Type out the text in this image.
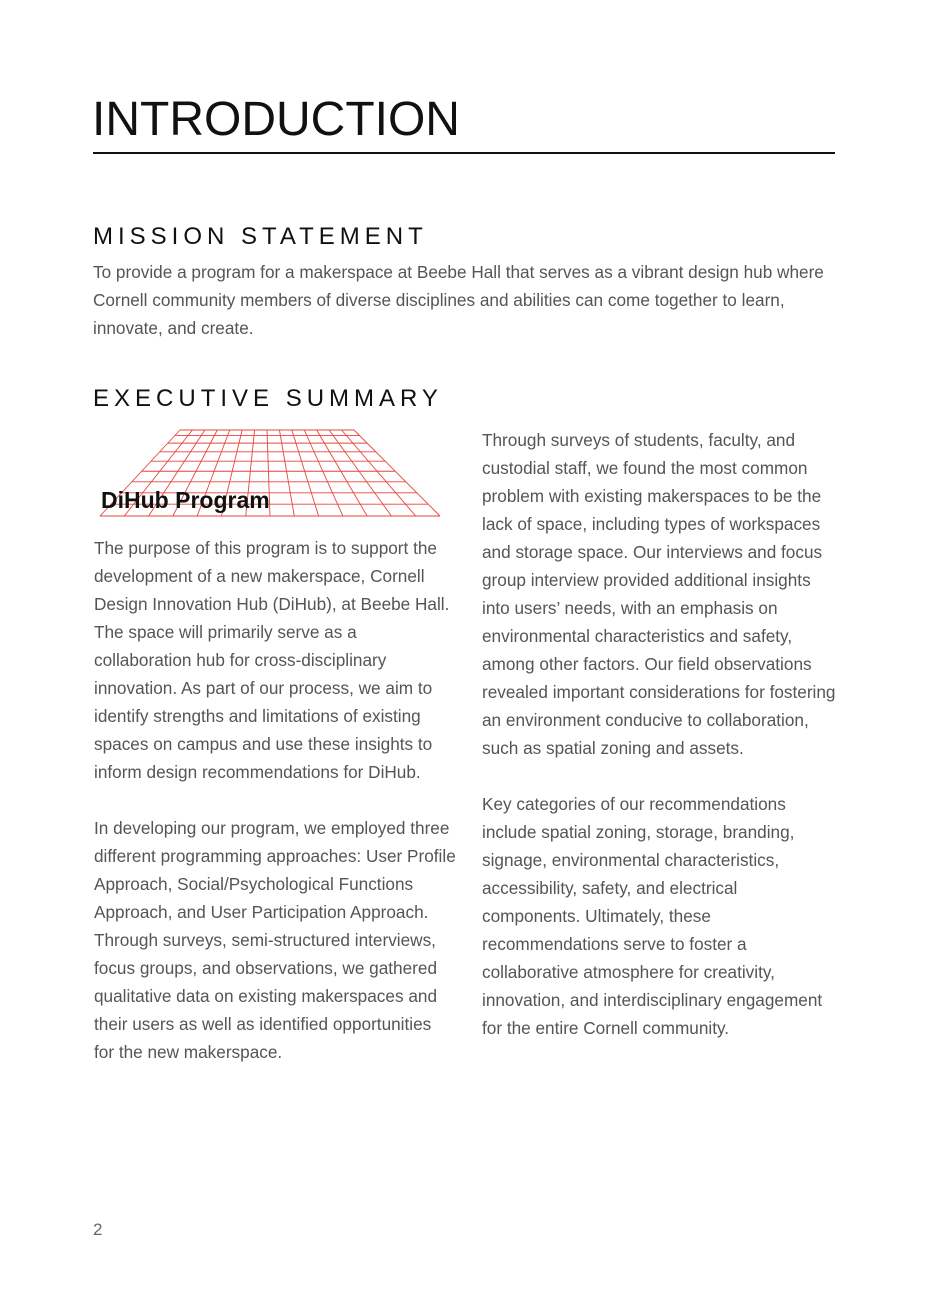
INTRODUCTION
MISSION STATEMENT

To provide a program for a makerspace at Beebe Hall that serves as a vibrant design hub where Cornell community members of diverse disciplines and abilities can come together to learn, innovate, and create.

EXECUTIVE SUMMARY
DiHub Program

The purpose of this program is to support the development of a new makerspace, Cornell Design Innovation Hub (DiHub), at Beebe Hall. The space will primarily serve as a collaboration hub for cross-disciplinary innovation. As part of our process, we aim to identify strengths and limitations of existing spaces on campus and use these insights to inform design recommendations for DiHub.

In developing our program, we employed three different programming approaches: User Profile Approach, Social/Psychological Functions Approach, and User Participation Approach. Through surveys, semi-structured interviews, focus groups, and observations, we gathered qualitative data on existing makerspaces and their users as well as identified opportunities for the new makerspace.

Through surveys of students, faculty, and custodial staff, we found the most common problem with existing makerspaces to be the lack of space, including types of workspaces and storage space. Our interviews and focus group interview provided additional insights into users’ needs, with an emphasis on environmental characteristics and safety, among other factors. Our field observations revealed important considerations for fostering an environment conducive to collaboration, such as spatial zoning and assets.

Key categories of our recommendations include spatial zoning, storage, branding, signage, environmental characteristics, accessibility, safety, and electrical components. Ultimately, these recommendations serve to foster a collaborative atmosphere for creativity, innovation, and interdisciplinary engagement for the entire Cornell community.

2
